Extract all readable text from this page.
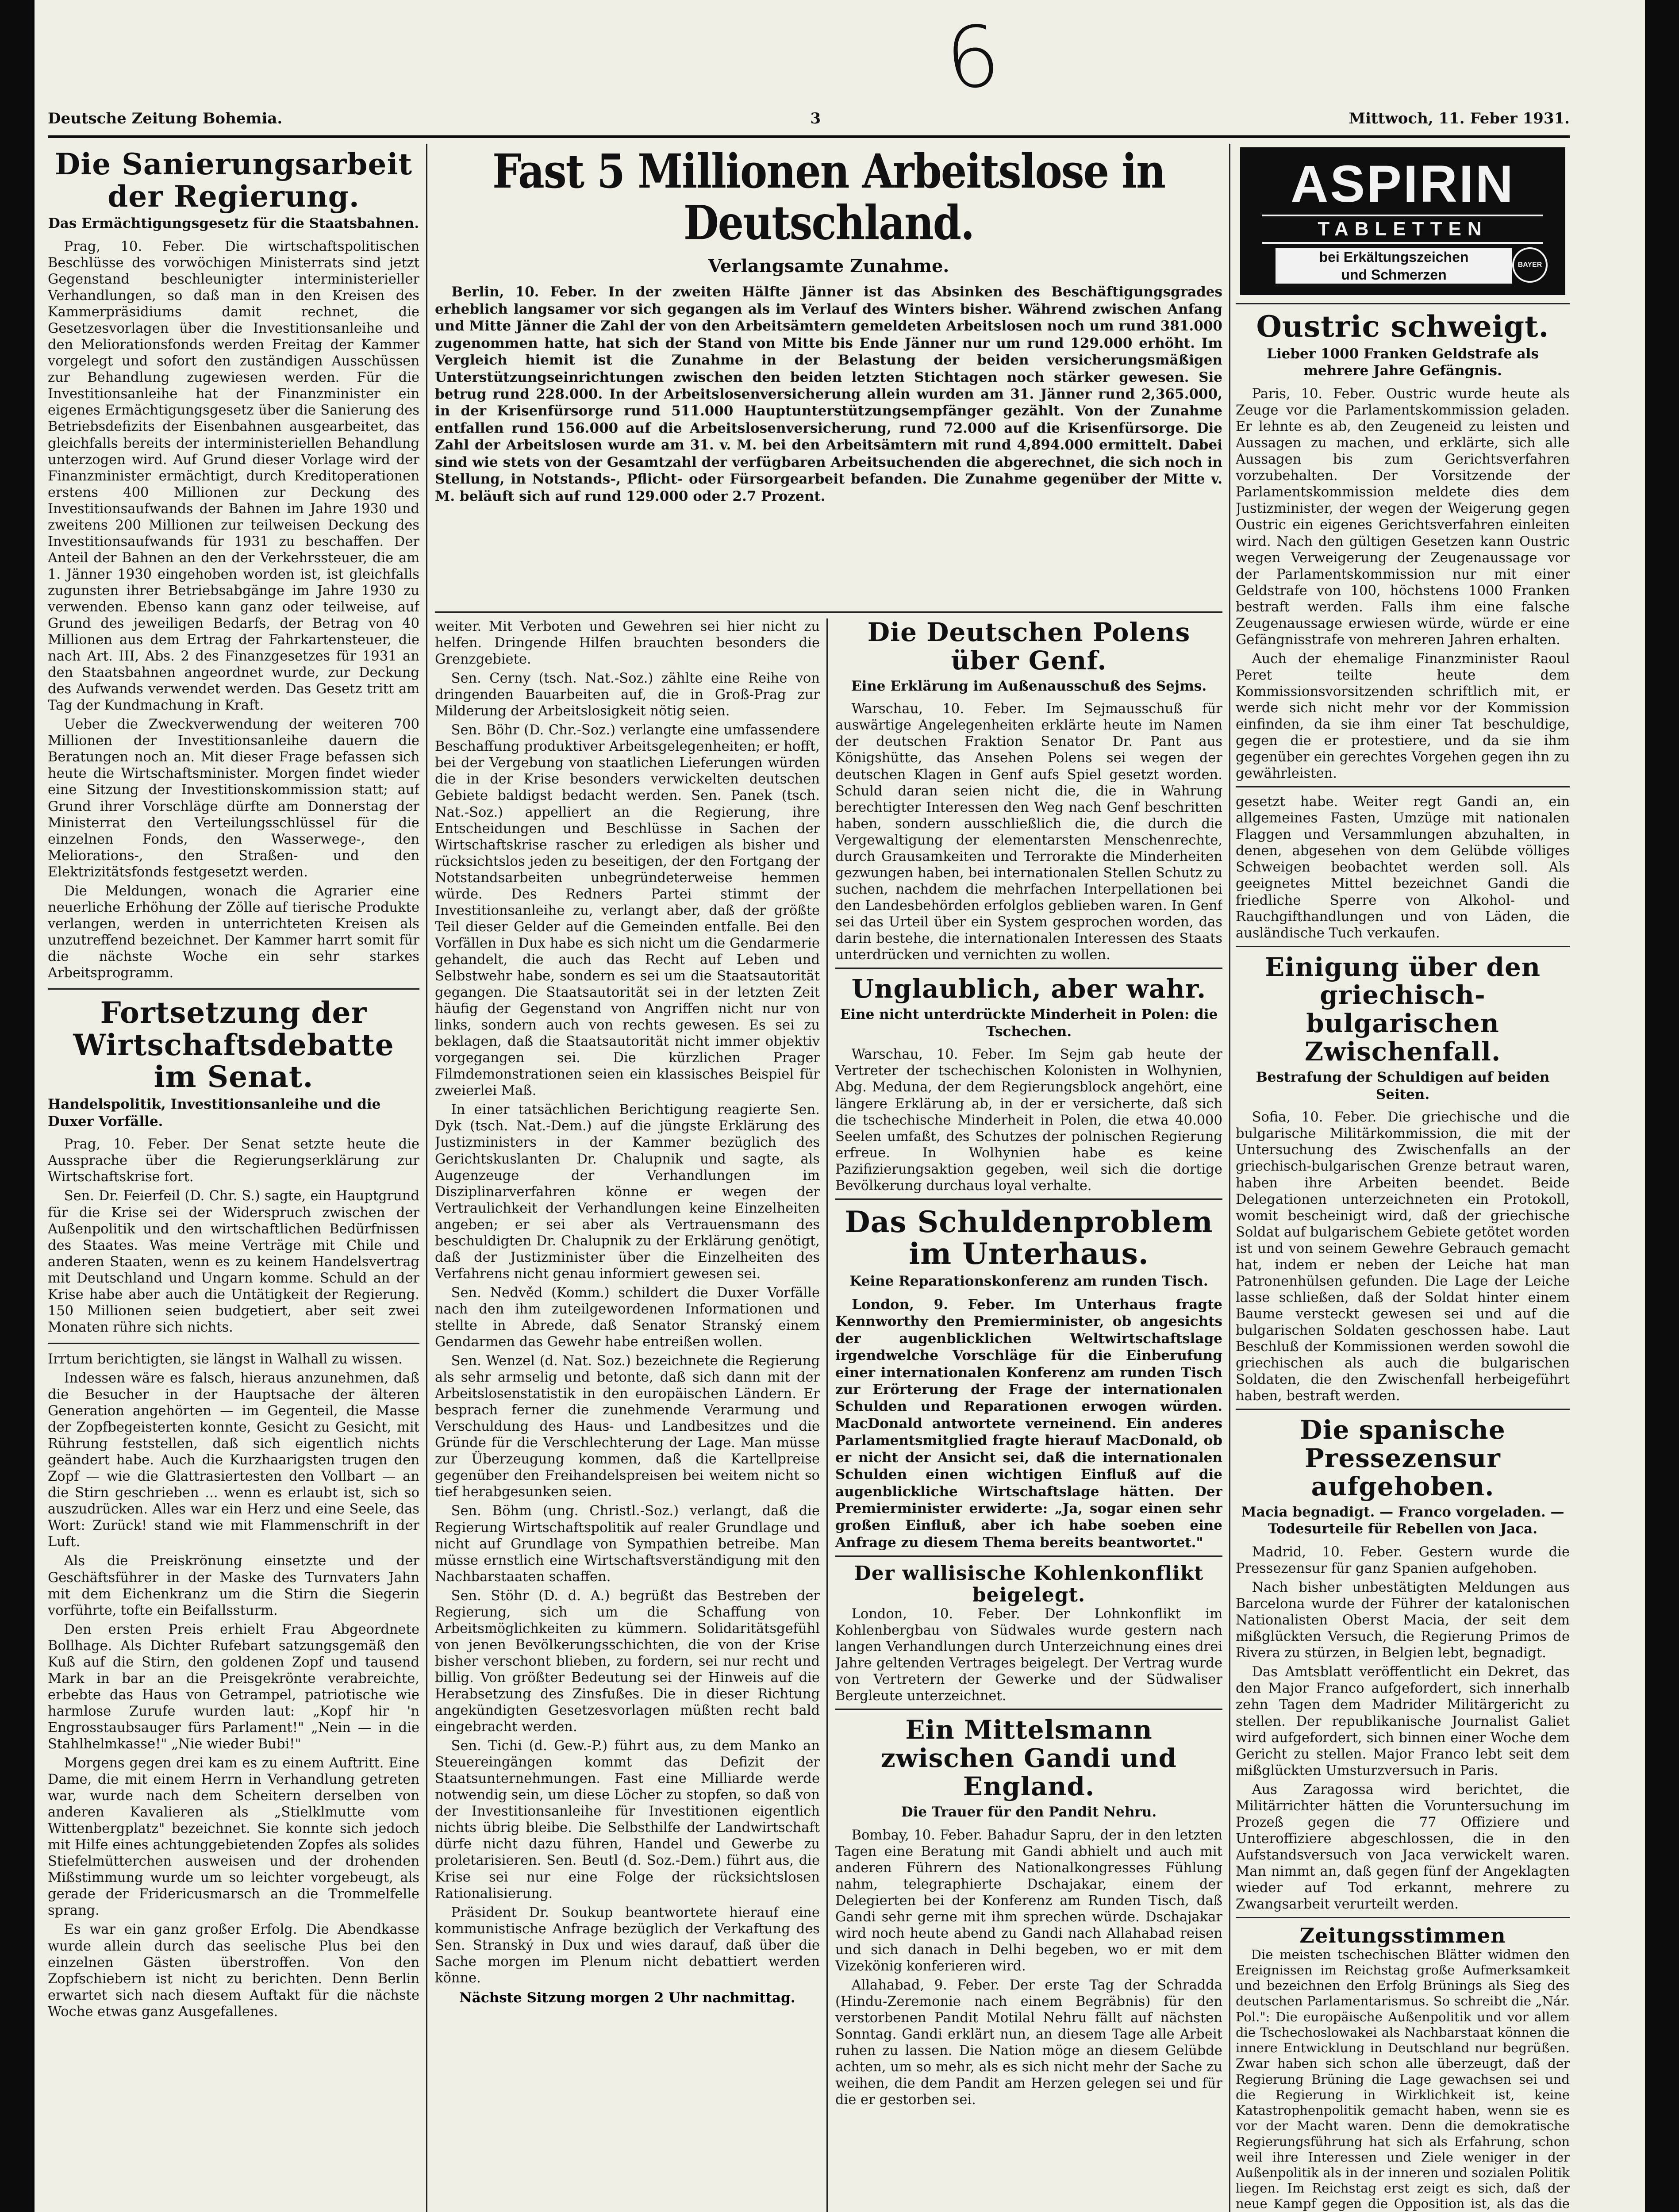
6
Deutsche Zeitung Bohemia.	3	Mittwoch, 11. Feber 1931.
Die Sanierungsarbeit der Regierung.
Das Ermächtigungsgesetz für die Staatsbahnen.

Prag, 10. Feber. Die wirtschaftspolitischen Beschlüsse des vorwöchigen Ministerrats sind jetzt Gegenstand beschleunigter interministerieller Verhandlungen, so daß man in den Kreisen des Kammerpräsidiums damit rechnet, die Gesetzesvorlagen über die Investitionsanleihe und den Meliorationsfonds werden Freitag der Kammer vorgelegt und sofort den zuständigen Ausschüssen zur Behandlung zugewiesen werden. Für die Investitionsanleihe hat der Finanzminister ein eigenes Ermächtigungsgesetz über die Sanierung des Betriebsdefizits der Eisenbahnen ausgearbeitet, das gleichfalls bereits der interministeriellen Behandlung unterzogen wird. Auf Grund dieser Vorlage wird der Finanzminister ermächtigt, durch Kreditoperationen erstens 400 Millionen zur Deckung des Investitionsaufwands der Bahnen im Jahre 1930 und zweitens 200 Millionen zur teilweisen Deckung des Investitionsaufwands für 1931 zu beschaffen. Der Anteil der Bahnen an den der Verkehrssteuer, die am 1. Jänner 1930 eingehoben worden ist, ist gleichfalls zugunsten ihrer Betriebsabgänge im Jahre 1930 zu verwenden. Ebenso kann ganz oder teilweise, auf Grund des jeweiligen Bedarfs, der Betrag von 40 Millionen aus dem Ertrag der Fahrkartensteuer, die nach Art. III, Abs. 2 des Finanzgesetzes für 1931 an den Staatsbahnen angeordnet wurde, zur Deckung des Aufwands verwendet werden. Das Gesetz tritt am Tag der Kundmachung in Kraft.

Ueber die Zweckverwendung der weiteren 700 Millionen der Investitionsanleihe dauern die Beratungen noch an. Mit dieser Frage befassen sich heute die Wirtschaftsminister. Morgen findet wieder eine Sitzung der Investitionskommission statt; auf Grund ihrer Vorschläge dürfte am Donnerstag der Ministerrat den Verteilungsschlüssel für die einzelnen Fonds, den Wasserwege-, den Meliorations-, den Straßen- und den Elektrizitätsfonds festgesetzt werden.

Die Meldungen, wonach die Agrarier eine neuerliche Erhöhung der Zölle auf tierische Produkte verlangen, werden in unterrichteten Kreisen als unzutreffend bezeichnet. Der Kammer harrt somit für die nächste Woche ein sehr starkes Arbeitsprogramm.

Fortsetzung der Wirtschaftsdebatte im Senat.
Handelspolitik, Investitionsanleihe und die Duxer Vorfälle.

Prag, 10. Feber. Der Senat setzte heute die Aussprache über die Regierungserklärung zur Wirtschaftskrise fort.

Sen. Dr. Feierfeil (D. Chr. S.) sagte, ein Hauptgrund für die Krise sei der Widerspruch zwischen der Außenpolitik und den wirtschaftlichen Bedürfnissen des Staates. Was meine Verträge mit Chile und anderen Staaten, wenn es zu keinem Handelsvertrag mit Deutschland und Ungarn komme. Schuld an der Krise habe aber auch die Untätigkeit der Regierung. 150 Millionen seien budgetiert, aber seit zwei Monaten rühre sich nichts.

Irrtum berichtigten, sie längst in Walhall zu wissen.

Indessen wäre es falsch, hieraus anzunehmen, daß die Besucher in der Hauptsache der älteren Generation angehörten — im Gegenteil, die Masse der Zopfbegeisterten konnte, Gesicht zu Gesicht, mit Rührung feststellen, daß sich eigentlich nichts geändert habe. Auch die Kurzhaarigsten trugen den Zopf — wie die Glattrasiertesten den Vollbart — an die Stirn geschrieben ... wenn es erlaubt ist, sich so auszudrücken. Alles war ein Herz und eine Seele, das Wort: Zurück! stand wie mit Flammenschrift in der Luft.

Als die Preiskrönung einsetzte und der Geschäftsführer in der Maske des Turnvaters Jahn mit dem Eichenkranz um die Stirn die Siegerin vorführte, tofte ein Beifallssturm.

Den ersten Preis erhielt Frau Abgeordnete Bollhage. Als Dichter Rufebart satzungsgemäß den Kuß auf die Stirn, den goldenen Zopf und tausend Mark in bar an die Preisgekrönte verabreichte, erbebte das Haus von Getrampel, patriotische wie harmlose Zurufe wurden laut: „Kopf hir 'n Engrosstaubsauger fürs Parlament!" „Nein — in die Stahlhelmkasse!" „Nie wieder Bubi!"

Morgens gegen drei kam es zu einem Auftritt. Eine Dame, die mit einem Herrn in Verhandlung getreten war, wurde nach dem Scheitern derselben von anderen Kavalieren als „Stielklmutte vom Wittenbergplatz" bezeichnet. Sie konnte sich jedoch mit Hilfe eines achtunggebietenden Zopfes als solides Stiefelmütterchen ausweisen und der drohenden Mißstimmung wurde um so leichter vorgebeugt, als gerade der Fridericusmarsch an die Trommelfelle sprang.

Es war ein ganz großer Erfolg. Die Abendkasse wurde allein durch das seelische Plus bei den einzelnen Gästen überstroffen. Von den Zopfschiebern ist nicht zu berichten. Denn Berlin erwartet sich nach diesem Auftakt für die nächste Woche etwas ganz Ausgefallenes.

Fast 5 Millionen Arbeitslose in Deutschland.
Verlangsamte Zunahme.

Berlin, 10. Feber. In der zweiten Hälfte Jänner ist das Absinken des Beschäftigungsgrades erheblich langsamer vor sich gegangen als im Verlauf des Winters bisher. Während zwischen Anfang und Mitte Jänner die Zahl der von den Arbeitsämtern gemeldeten Arbeitslosen noch um rund 381.000 zugenommen hatte, hat sich der Stand von Mitte bis Ende Jänner nur um rund 129.000 erhöht. Im Vergleich hiemit ist die Zunahme in der Belastung der beiden versicherungsmäßigen Unterstützungseinrichtungen zwischen den beiden letzten Stichtagen noch stärker gewesen. Sie betrug rund 228.000. In der Arbeitslosenversicherung allein wurden am 31. Jänner rund 2,365.000, in der Krisenfürsorge rund 511.000 Hauptunterstützungsempfänger gezählt. Von der Zunahme entfallen rund 156.000 auf die Arbeitslosenversicherung, rund 72.000 auf die Krisenfürsorge. Die Zahl der Arbeitslosen wurde am 31. v. M. bei den Arbeitsämtern mit rund 4,894.000 ermittelt. Dabei sind wie stets von der Gesamtzahl der verfügbaren Arbeitsuchenden die abgerechnet, die sich noch in Stellung, in Notstands-, Pflicht- oder Fürsorgearbeit befanden. Die Zunahme gegenüber der Mitte v. M. beläuft sich auf rund 129.000 oder 2.7 Prozent.

weiter. Mit Verboten und Gewehren sei hier nicht zu helfen. Dringende Hilfen brauchten besonders die Grenzgebiete.

Sen. Cerny (tsch. Nat.-Soz.) zählte eine Reihe von dringenden Bauarbeiten auf, die in Groß-Prag zur Milderung der Arbeitslosigkeit nötig seien.

Sen. Böhr (D. Chr.-Soz.) verlangte eine umfassendere Beschaffung produktiver Arbeitsgelegenheiten; er hofft, bei der Vergebung von staatlichen Lieferungen würden die in der Krise besonders verwickelten deutschen Gebiete baldigst bedacht werden. Sen. Panek (tsch. Nat.-Soz.) appelliert an die Regierung, ihre Entscheidungen und Beschlüsse in Sachen der Wirtschaftskrise rascher zu erledigen als bisher und rücksichtslos jeden zu beseitigen, der den Fortgang der Notstandsarbeiten unbegründeterweise hemmen würde. Des Redners Partei stimmt der Investitionsanleihe zu, verlangt aber, daß der größte Teil dieser Gelder auf die Gemeinden entfalle. Bei den Vorfällen in Dux habe es sich nicht um die Gendarmerie gehandelt, die auch das Recht auf Leben und Selbstwehr habe, sondern es sei um die Staatsautorität gegangen. Die Staatsautorität sei in der letzten Zeit häufig der Gegenstand von Angriffen nicht nur von links, sondern auch von rechts gewesen. Es sei zu beklagen, daß die Staatsautorität nicht immer objektiv vorgegangen sei. Die kürzlichen Prager Filmdemonstrationen seien ein klassisches Beispiel für zweierlei Maß.

In einer tatsächlichen Berichtigung reagierte Sen. Dyk (tsch. Nat.-Dem.) auf die jüngste Erklärung des Justizministers in der Kammer bezüglich des Gerichtskuslanten Dr. Chalupnik und sagte, als Augenzeuge der Verhandlungen im Disziplinarverfahren könne er wegen der Vertraulichkeit der Verhandlungen keine Einzelheiten angeben; er sei aber als Vertrauensmann des beschuldigten Dr. Chalupnik zu der Erklärung genötigt, daß der Justizminister über die Einzelheiten des Verfahrens nicht genau informiert gewesen sei.

Sen. Nedvěd (Komm.) schildert die Duxer Vorfälle nach den ihm zuteilgewordenen Informationen und stellte in Abrede, daß Senator Stranský einem Gendarmen das Gewehr habe entreißen wollen.

Sen. Wenzel (d. Nat. Soz.) bezeichnete die Regierung als sehr armselig und betonte, daß sich dann mit der Arbeitslosenstatistik in den europäischen Ländern. Er besprach ferner die zunehmende Verarmung und Verschuldung des Haus- und Landbesitzes und die Gründe für die Verschlechterung der Lage. Man müsse zur Überzeugung kommen, daß die Kartellpreise gegenüber den Freihandelspreisen bei weitem nicht so tief herabgesunken seien.

Sen. Böhm (ung. Christl.-Soz.) verlangt, daß die Regierung Wirtschaftspolitik auf realer Grundlage und nicht auf Grundlage von Sympathien betreibe. Man müsse ernstlich eine Wirtschaftsverständigung mit den Nachbarstaaten schaffen.

Sen. Stöhr (D. d. A.) begrüßt das Bestreben der Regierung, sich um die Schaffung von Arbeitsmöglichkeiten zu kümmern. Solidaritätsgefühl von jenen Bevölkerungsschichten, die von der Krise bisher verschont blieben, zu fordern, sei nur recht und billig. Von größter Bedeutung sei der Hinweis auf die Herabsetzung des Zinsfußes. Die in dieser Richtung angekündigten Gesetzesvorlagen müßten recht bald eingebracht werden.

Sen. Tichi (d. Gew.-P.) führt aus, zu dem Manko an Steuereingängen kommt das Defizit der Staatsunternehmungen. Fast eine Milliarde werde notwendig sein, um diese Löcher zu stopfen, so daß von der Investitionsanleihe für Investitionen eigentlich nichts übrig bleibe. Die Selbsthilfe der Landwirtschaft dürfe nicht dazu führen, Handel und Gewerbe zu proletarisieren. Sen. Beutl (d. Soz.-Dem.) führt aus, die Krise sei nur eine Folge der rücksichtslosen Rationalisierung.

Präsident Dr. Soukup beantwortete hierauf eine kommunistische Anfrage bezüglich der Verkaftung des Sen. Stranský in Dux und wies darauf, daß über die Sache morgen im Plenum nicht debattiert werden könne.

Nächste Sitzung morgen 2 Uhr nachmittag.
Die Deutschen Polens über Genf.
Eine Erklärung im Außenausschuß des Sejms.

Warschau, 10. Feber. Im Sejmausschuß für auswärtige Angelegenheiten erklärte heute im Namen der deutschen Fraktion Senator Dr. Pant aus Königshütte, das Ansehen Polens sei wegen der deutschen Klagen in Genf aufs Spiel gesetzt worden. Schuld daran seien nicht die, die in Wahrung berechtigter Interessen den Weg nach Genf beschritten haben, sondern ausschließlich die, die durch die Vergewaltigung der elementarsten Menschenrechte, durch Grausamkeiten und Terrorakte die Minderheiten gezwungen haben, bei internationalen Stellen Schutz zu suchen, nachdem die mehrfachen Interpellationen bei den Landesbehörden erfolglos geblieben waren. In Genf sei das Urteil über ein System gesprochen worden, das darin bestehe, die internationalen Interessen des Staats unterdrücken und vernichten zu wollen.

Unglaublich, aber wahr.
Eine nicht unterdrückte Minderheit in Polen: die Tschechen.

Warschau, 10. Feber. Im Sejm gab heute der Vertreter der tschechischen Kolonisten in Wolhynien, Abg. Meduna, der dem Regierungsblock angehört, eine längere Erklärung ab, in der er versicherte, daß sich die tschechische Minderheit in Polen, die etwa 40.000 Seelen umfaßt, des Schutzes der polnischen Regierung erfreue. In Wolhynien habe es keine Pazifizierungsaktion gegeben, weil sich die dortige Bevölkerung durchaus loyal verhalte.

Das Schuldenproblem im Unterhaus.
Keine Reparationskonferenz am runden Tisch.

London, 9. Feber. Im Unterhaus fragte Kennworthy den Premierminister, ob angesichts der augenblicklichen Weltwirtschaftslage irgendwelche Vorschläge für die Einberufung einer internationalen Konferenz am runden Tisch zur Erörterung der Frage der internationalen Schulden und Reparationen erwogen würden. MacDonald antwortete verneinend. Ein anderes Parlamentsmitglied fragte hierauf MacDonald, ob er nicht der Ansicht sei, daß die internationalen Schulden einen wichtigen Einfluß auf die augenblickliche Wirtschaftslage hätten. Der Premierminister erwiderte: „Ja, sogar einen sehr großen Einfluß, aber ich habe soeben eine Anfrage zu diesem Thema bereits beantwortet."

Der wallisische Kohlenkonflikt beigelegt.

London, 10. Feber. Der Lohnkonflikt im Kohlenbergbau von Südwales wurde gestern nach langen Verhandlungen durch Unterzeichnung eines drei Jahre geltenden Vertrages beigelegt. Der Vertrag wurde von Vertretern der Gewerke und der Südwaliser Bergleute unterzeichnet.

Ein Mittelsmann zwischen Gandi und England.
Die Trauer für den Pandit Nehru.

Bombay, 10. Feber. Bahadur Sapru, der in den letzten Tagen eine Beratung mit Gandi abhielt und auch mit anderen Führern des Nationalkongresses Fühlung nahm, telegraphierte Dschajakar, einem der Delegierten bei der Konferenz am Runden Tisch, daß Gandi sehr gerne mit ihm sprechen würde. Dschajakar wird noch heute abend zu Gandi nach Allahabad reisen und sich danach in Delhi begeben, wo er mit dem Vizekönig konferieren wird.

Allahabad, 9. Feber. Der erste Tag der Schradda (Hindu-Zeremonie nach einem Begräbnis) für den verstorbenen Pandit Motilal Nehru fällt auf nächsten Sonntag. Gandi erklärt nun, an diesem Tage alle Arbeit ruhen zu lassen. Die Nation möge an diesem Gelübde achten, um so mehr, als es sich nicht mehr der Sache zu weihen, die dem Pandit am Herzen gelegen sei und für die er gestorben sei.

ASPIRIN
TABLETTEN
bei Erkältungszeichen
und Schmerzen
BAYER
Oustric schweigt.
Lieber 1000 Franken Geldstrafe als mehrere Jahre Gefängnis.

Paris, 10. Feber. Oustric wurde heute als Zeuge vor die Parlamentskommission geladen. Er lehnte es ab, den Zeugeneid zu leisten und Aussagen zu machen, und erklärte, sich alle Aussagen bis zum Gerichtsverfahren vorzubehalten. Der Vorsitzende der Parlamentskommission meldete dies dem Justizminister, der wegen der Weigerung gegen Oustric ein eigenes Gerichtsverfahren einleiten wird. Nach den gültigen Gesetzen kann Oustric wegen Verweigerung der Zeugenaussage vor der Parlamentskommission nur mit einer Geldstrafe von 100, höchstens 1000 Franken bestraft werden. Falls ihm eine falsche Zeugenaussage erwiesen würde, würde er eine Gefängnisstrafe von mehreren Jahren erhalten.

Auch der ehemalige Finanzminister Raoul Peret teilte heute dem Kommissionsvorsitzenden schriftlich mit, er werde sich nicht mehr vor der Kommission einfinden, da sie ihm einer Tat beschuldige, gegen die er protestiere, und da sie ihm gegenüber ein gerechtes Vorgehen gegen ihn zu gewährleisten.

gesetzt habe. Weiter regt Gandi an, ein allgemeines Fasten, Umzüge mit nationalen Flaggen und Versammlungen abzuhalten, in denen, abgesehen von dem Gelübde völliges Schweigen beobachtet werden soll. Als geeignetes Mittel bezeichnet Gandi die friedliche Sperre von Alkohol- und Rauchgifthandlungen und von Läden, die ausländische Tuch verkaufen.

Einigung über den griechisch-bulgarischen Zwischenfall.
Bestrafung der Schuldigen auf beiden Seiten.

Sofia, 10. Feber. Die griechische und die bulgarische Militärkommission, die mit der Untersuchung des Zwischenfalls an der griechisch-bulgarischen Grenze betraut waren, haben ihre Arbeiten beendet. Beide Delegationen unterzeichneten ein Protokoll, womit bescheinigt wird, daß der griechische Soldat auf bulgarischem Gebiete getötet worden ist und von seinem Gewehre Gebrauch gemacht hat, indem er neben der Leiche hat man Patronenhülsen gefunden. Die Lage der Leiche lasse schließen, daß der Soldat hinter einem Baume versteckt gewesen sei und auf die bulgarischen Soldaten geschossen habe. Laut Beschluß der Kommissionen werden sowohl die griechischen als auch die bulgarischen Soldaten, die den Zwischenfall herbeigeführt haben, bestraft werden.

Die spanische Pressezensur aufgehoben.
Macia begnadigt. — Franco vorgeladen. — Todesurteile für Rebellen von Jaca.

Madrid, 10. Feber. Gestern wurde die Pressezensur für ganz Spanien aufgehoben.

Nach bisher unbestätigten Meldungen aus Barcelona wurde der Führer der katalonischen Nationalisten Oberst Macia, der seit dem mißglückten Versuch, die Regierung Primos de Rivera zu stürzen, in Belgien lebt, begnadigt.

Das Amtsblatt veröffentlicht ein Dekret, das den Major Franco aufgefordert, sich innerhalb zehn Tagen dem Madrider Militärgericht zu stellen. Der republikanische Journalist Galiet wird aufgefordert, sich binnen einer Woche dem Gericht zu stellen. Major Franco lebt seit dem mißglückten Umsturzversuch in Paris.

Aus Zaragossa wird berichtet, die Militärrichter hätten die Voruntersuchung im Prozeß gegen die 77 Offiziere und Unteroffiziere abgeschlossen, die in den Aufstandsversuch von Jaca verwickelt waren. Man nimmt an, daß gegen fünf der Angeklagten wieder auf Tod erkannt, mehrere zu Zwangsarbeit verurteilt werden.

Zeitungsstimmen

Die meisten tschechischen Blätter widmen den Ereignissen im Reichstag große Aufmerksamkeit und bezeichnen den Erfolg Brünings als Sieg des deutschen Parlamentarismus. So schreibt die „Nár. Pol.": Die europäische Außenpolitik und vor allem die Tschechoslowakei als Nachbarstaat können die innere Entwicklung in Deutschland nur begrüßen. Zwar haben sich schon alle überzeugt, daß der Regierung Brüning die Lage gewachsen sei und die Regierung in Wirklichkeit ist, keine Katastrophenpolitik gemacht haben, wenn sie es vor der Macht waren. Denn die demokratische Regierungsführung hat sich als Erfahrung, schon weil ihre Interessen und Ziele weniger in der Außenpolitik als in der inneren und sozialen Politik liegen. Im Reichstag erst zeigt es sich, daß der neue Kampf gegen die Opposition ist, als das die
